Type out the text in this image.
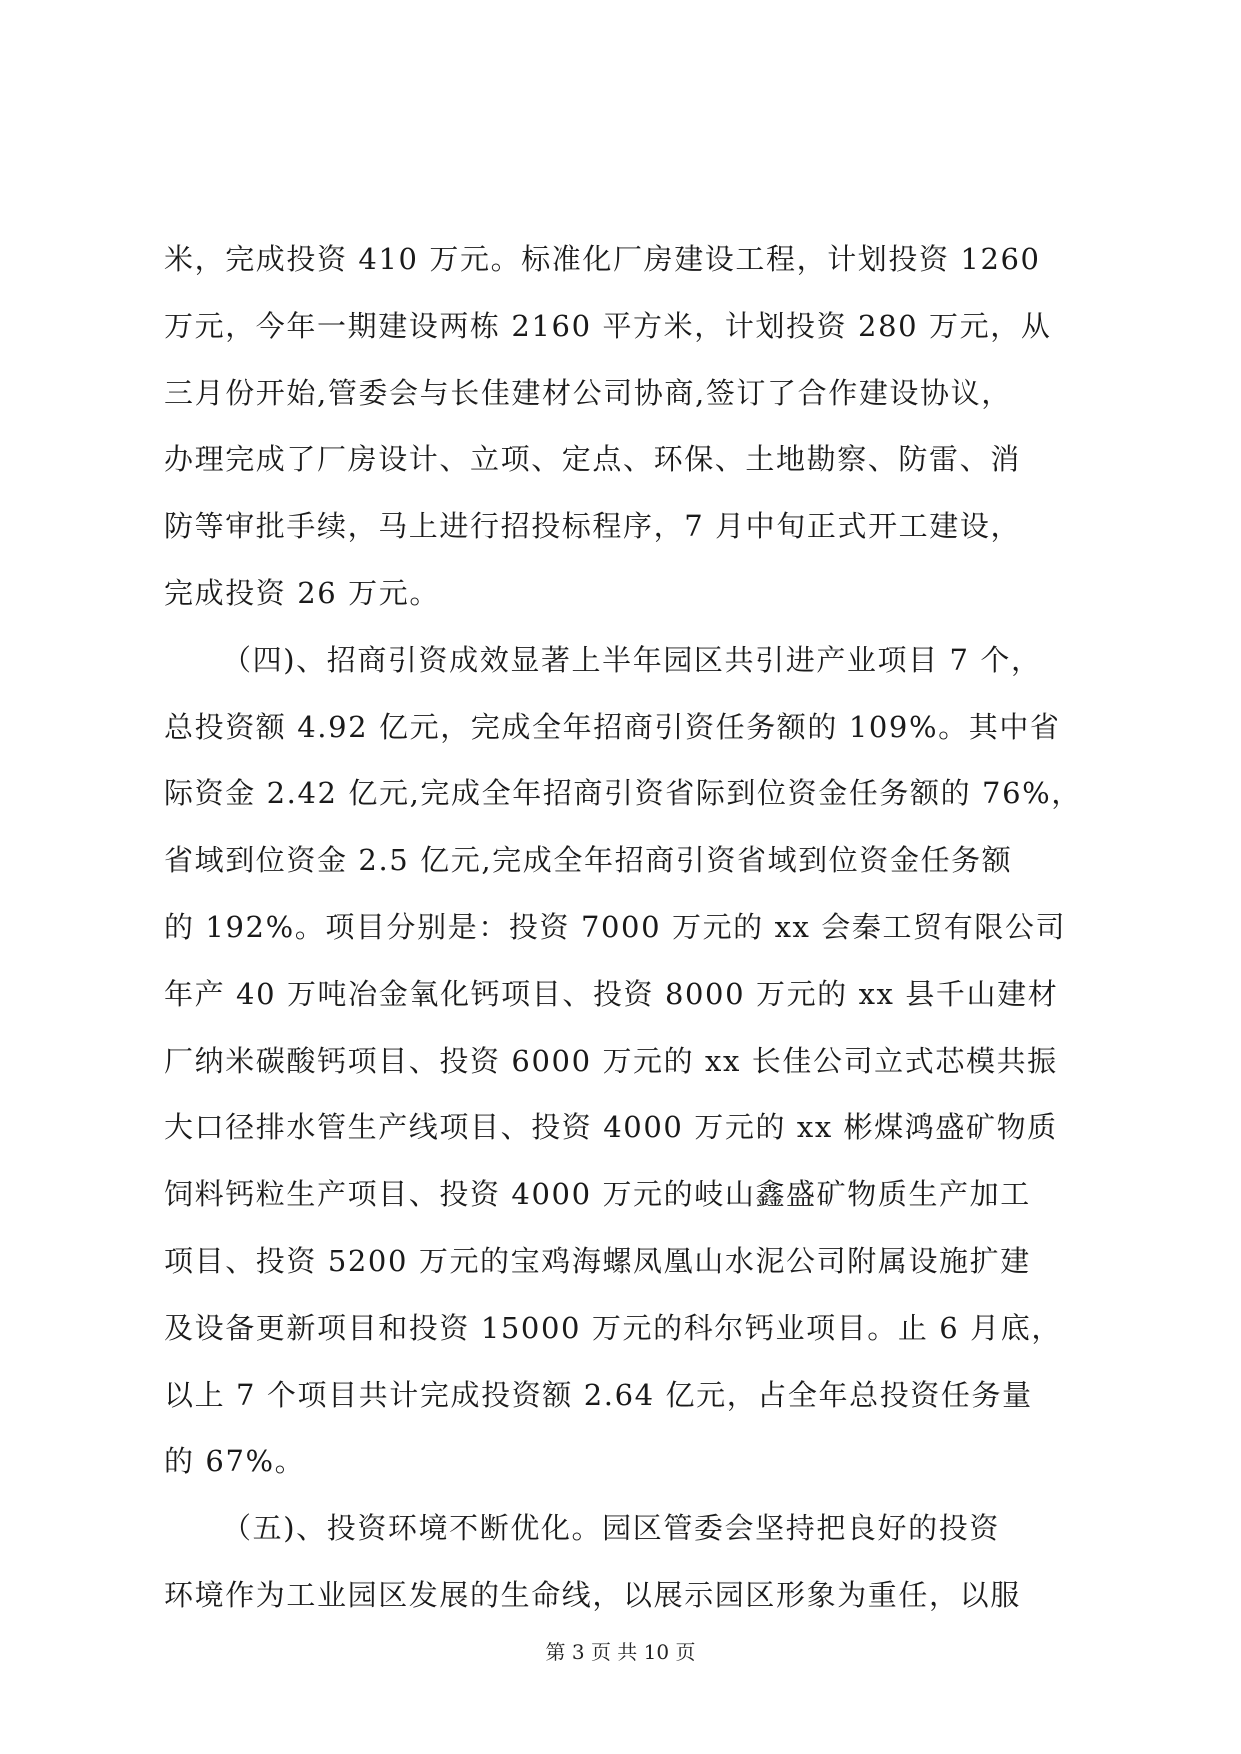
米，完成投资 410 万元。标准化厂房建设工程，计划投资 1260
万元，今年一期建设两栋 2160 平方米，计划投资 280 万元，从
三月份开始,管委会与长佳建材公司协商,签订了合作建设协议，
办理完成了厂房设计、立项、定点、环保、土地勘察、防雷、消
防等审批手续，马上进行招投标程序，7 月中旬正式开工建设，
完成投资 26 万元。
（四)、招商引资成效显著上半年园区共引进产业项目 7 个，
总投资额 4.92 亿元，完成全年招商引资任务额的 109%。其中省
际资金 2.42 亿元,完成全年招商引资省际到位资金任务额的 76%，
省域到位资金 2.5 亿元,完成全年招商引资省域到位资金任务额
的 192%。项目分别是：投资 7000 万元的 xx 会秦工贸有限公司
年产 40 万吨冶金氧化钙项目、投资 8000 万元的 xx 县千山建材
厂纳米碳酸钙项目、投资 6000 万元的 xx 长佳公司立式芯模共振
大口径排水管生产线项目、投资 4000 万元的 xx 彬煤鸿盛矿物质
饲料钙粒生产项目、投资 4000 万元的岐山鑫盛矿物质生产加工
项目、投资 5200 万元的宝鸡海螺凤凰山水泥公司附属设施扩建
及设备更新项目和投资 15000 万元的科尔钙业项目。止 6 月底，
以上 7 个项目共计完成投资额 2.64 亿元，占全年总投资任务量
的 67%。
（五)、投资环境不断优化。园区管委会坚持把良好的投资
环境作为工业园区发展的生命线，以展示园区形象为重任，以服
第 3 页 共 10 页
